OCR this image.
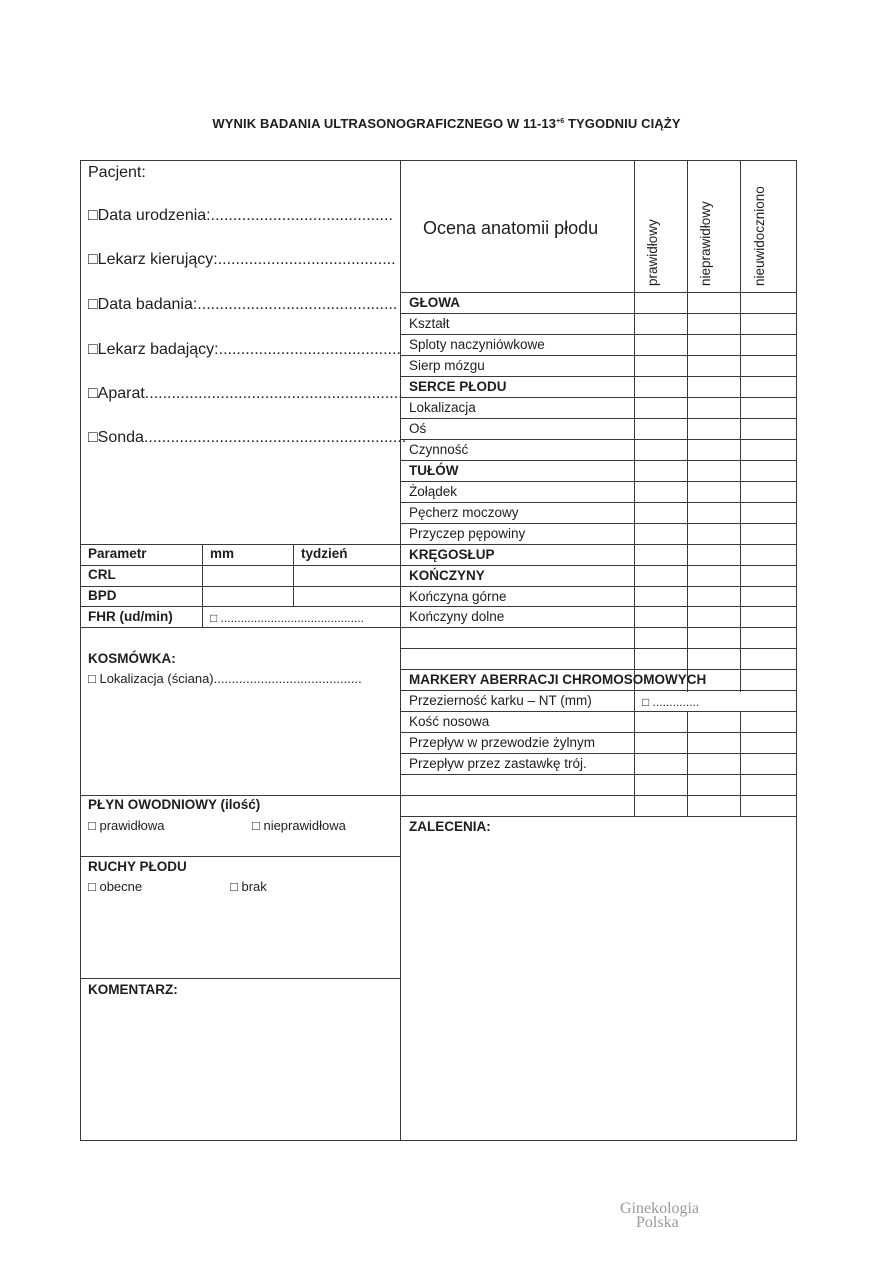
WYNIK BADANIA ULTRASONOGRAFICZNEGO W $11-13^{+6}$ TYGODNIU CIĄŻY
Pacjent:
□Data urodzenia:.........................................
□Lekarz kierujący:........................................
□Data badania:.............................................
□Lekarz badający:.........................................
□Aparat..........................................................
□Sonda...........................................................
Parametr	mm	tydzień
CRL
BPD
FHR (ud/min)	□ ...........................................
KOSMÓWKA:
□ Lokalizacja (ściana).........................................
PŁYN OWODNIOWY (ilość)
□ prawidłowa	□ nieprawidłowa
RUCHY PŁODU
□ obecne	□ brak
KOMENTARZ:
Ocena anatomii płodu	prawidłowy	nieprawidłowy	nieuwidoczniono
GŁOWA
Kształt
Sploty naczyniówkowe
Sierp mózgu
SERCE PŁODU
Lokalizacja
Oś
Czynność
TUŁÓW
Żołądek
Pęcherz moczowy
Przyczep pępowiny
KRĘGOSŁUP
KOŃCZYNY
Kończyna górne
Kończyny dolne
MARKERY ABERRACJI CHROMOSOMOWYCH
Przezierność karku – NT (mm)	□ ..............
Kość nosowa
Przepływ w przewodzie żylnym
Przepływ przez zastawkę trój.
ZALECENIA:
Ginekologia
Polska
